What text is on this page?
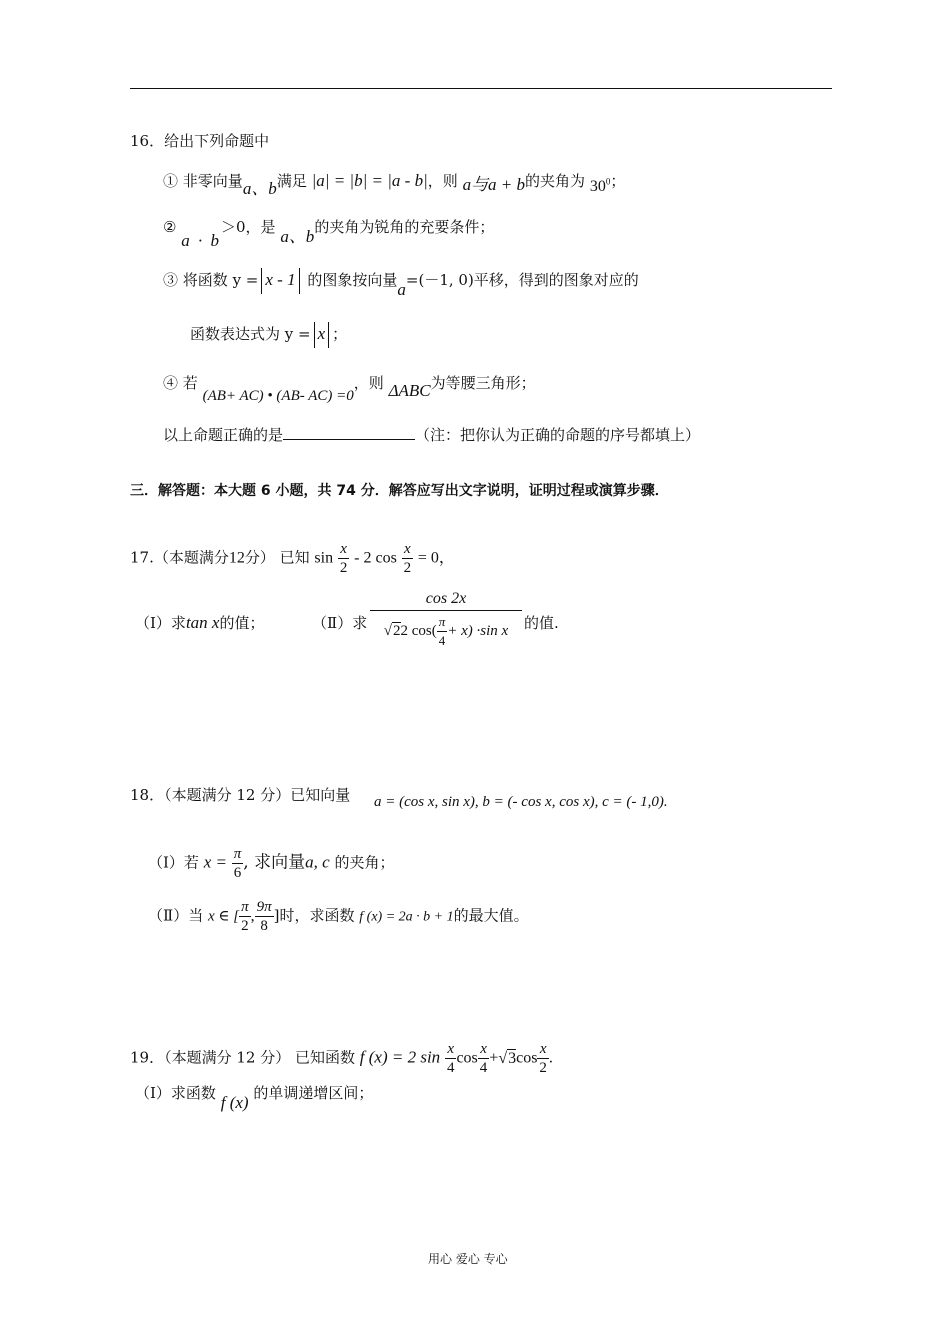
16．给出下列命题中
① 非零向量a、b满足 |a| = |b| = |a - b|，则 a与a + b的夹角为 $30^0$；
② a · b＞0，是 a、b的夹角为锐角的充要条件；
③ 将函数 y = x - 1 的图象按向量a=(－1, 0)平移，得到的图象对应的
函数表达式为 y = x ；
④ 若 (AB+ AC) • (AB- AC) =0，则 ΔABC为等腰三角形；
以上命题正确的是	（注：把你认为正确的命题的序号都填上）
三．解答题：本大题 6 小题，共 74 分．解答应写出文字说明，证明过程或演算步骤．
17.（本题满分12分） 已知 $\sin \frac{x}{2} - 2$ $\cos \frac{x}{2} = 0$，
（Ⅰ）求tan x的值；	（Ⅱ）求
cos 2x
√22 $\cos( \frac{\pi}{4} + x) \cdot\sin$ x	的值.
18．（本题满分 12 分）已知向量 a = (cos x, sin x), b = (- cos x, cos x), c = (- 1,0).
（Ⅰ）若 $x = \frac{\pi}{6}$ , 求向量a, c 的夹角；
（Ⅱ）当 x ∈ [ $\frac{\pi}{2}$ , $\frac{9\pi}{8}$ ]时，求函数 f (x) = 2a · b + 1的最大值。
19．（本题满分 12 分） 已知函数 f (x) = 2 $\sin \frac{x}{4}$ $\cos \frac{x}{4} +√3\cos \frac{x}{2}$ .
（Ⅰ）求函数 f (x) 的单调递增区间；
用心 爱心 专心
